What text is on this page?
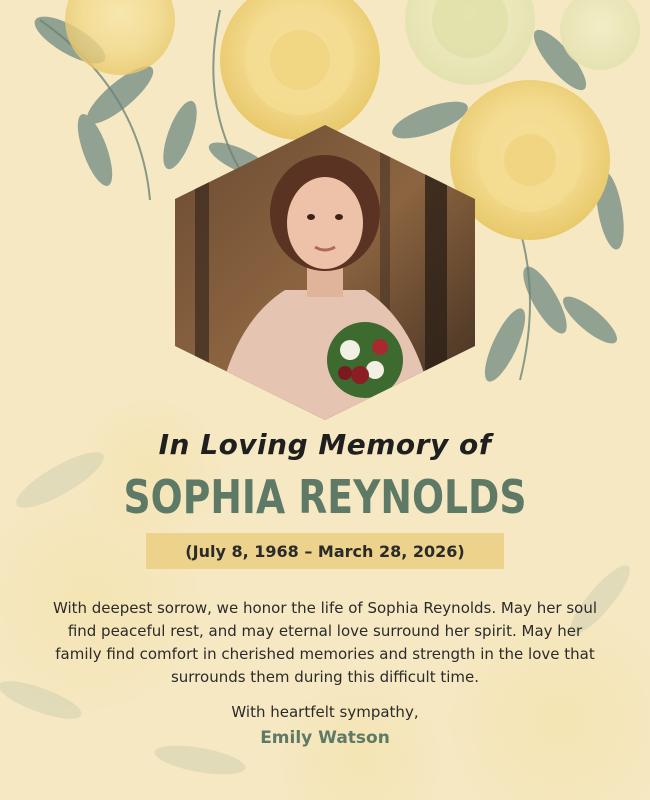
In Loving Memory of
SOPHIA REYNOLDS
(July 8, 1968 – March 28, 2026)
With deepest sorrow, we honor the life of Sophia Reynolds. May her soul find peaceful rest, and may eternal love surround her spirit. May her family find comfort in cherished memories and strength in the love that surrounds them during this difficult time.
With heartfelt sympathy,
Emily Watson
